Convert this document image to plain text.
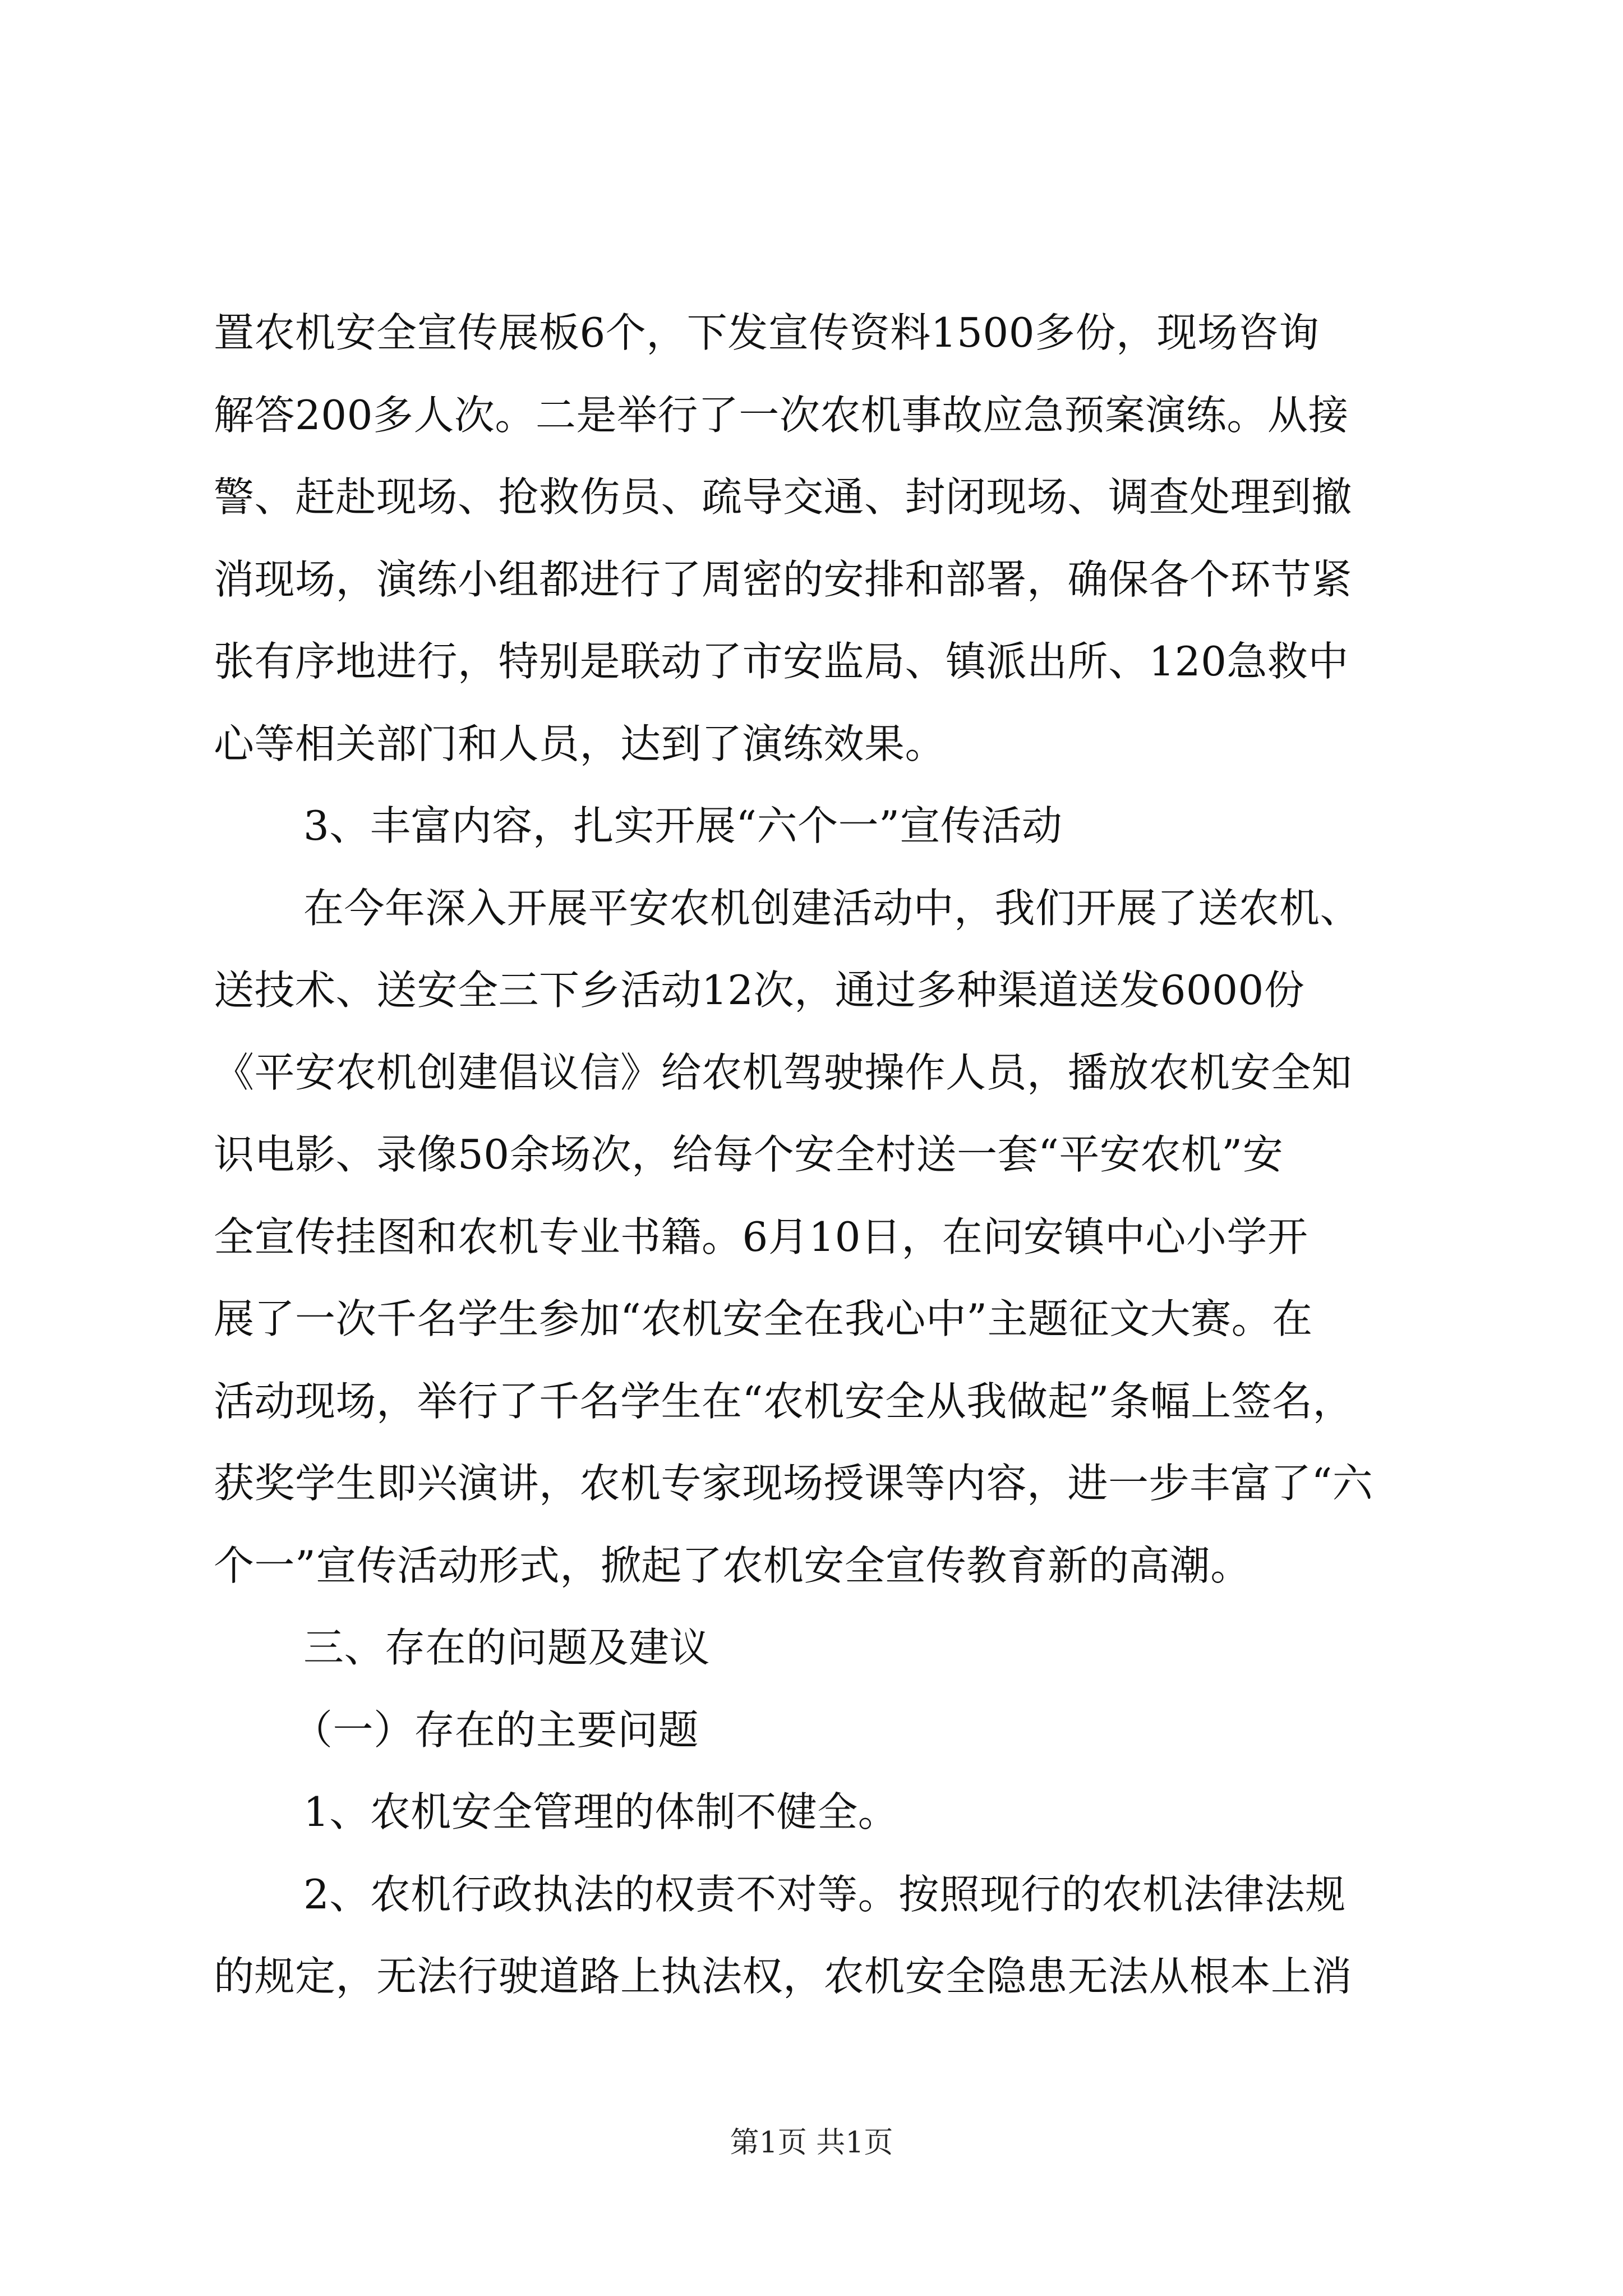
置农机安全宣传展板6个，下发宣传资料1500多份，现场咨询
解答200多人次。二是举行了一次农机事故应急预案演练。从接
警、赶赴现场、抢救伤员、疏导交通、封闭现场、调查处理到撤
消现场，演练小组都进行了周密的安排和部署，确保各个环节紧
张有序地进行，特别是联动了市安监局、镇派出所、120急救中
心等相关部门和人员，达到了演练效果。
3、丰富内容，扎实开展“六个一”宣传活动
在今年深入开展平安农机创建活动中，我们开展了送农机、
送技术、送安全三下乡活动12次，通过多种渠道送发6000份
《平安农机创建倡议信》给农机驾驶操作人员，播放农机安全知
识电影、录像50余场次，给每个安全村送一套“平安农机”安
全宣传挂图和农机专业书籍。6月10日，在问安镇中心小学开
展了一次千名学生参加“农机安全在我心中”主题征文大赛。在
活动现场，举行了千名学生在“农机安全从我做起”条幅上签名，
获奖学生即兴演讲，农机专家现场授课等内容，进一步丰富了“六
个一”宣传活动形式，掀起了农机安全宣传教育新的高潮。
三、存在的问题及建议
（一）存在的主要问题
1、农机安全管理的体制不健全。
2、农机行政执法的权责不对等。按照现行的农机法律法规
的规定，无法行驶道路上执法权，农机安全隐患无法从根本上消
第1页 共1页
